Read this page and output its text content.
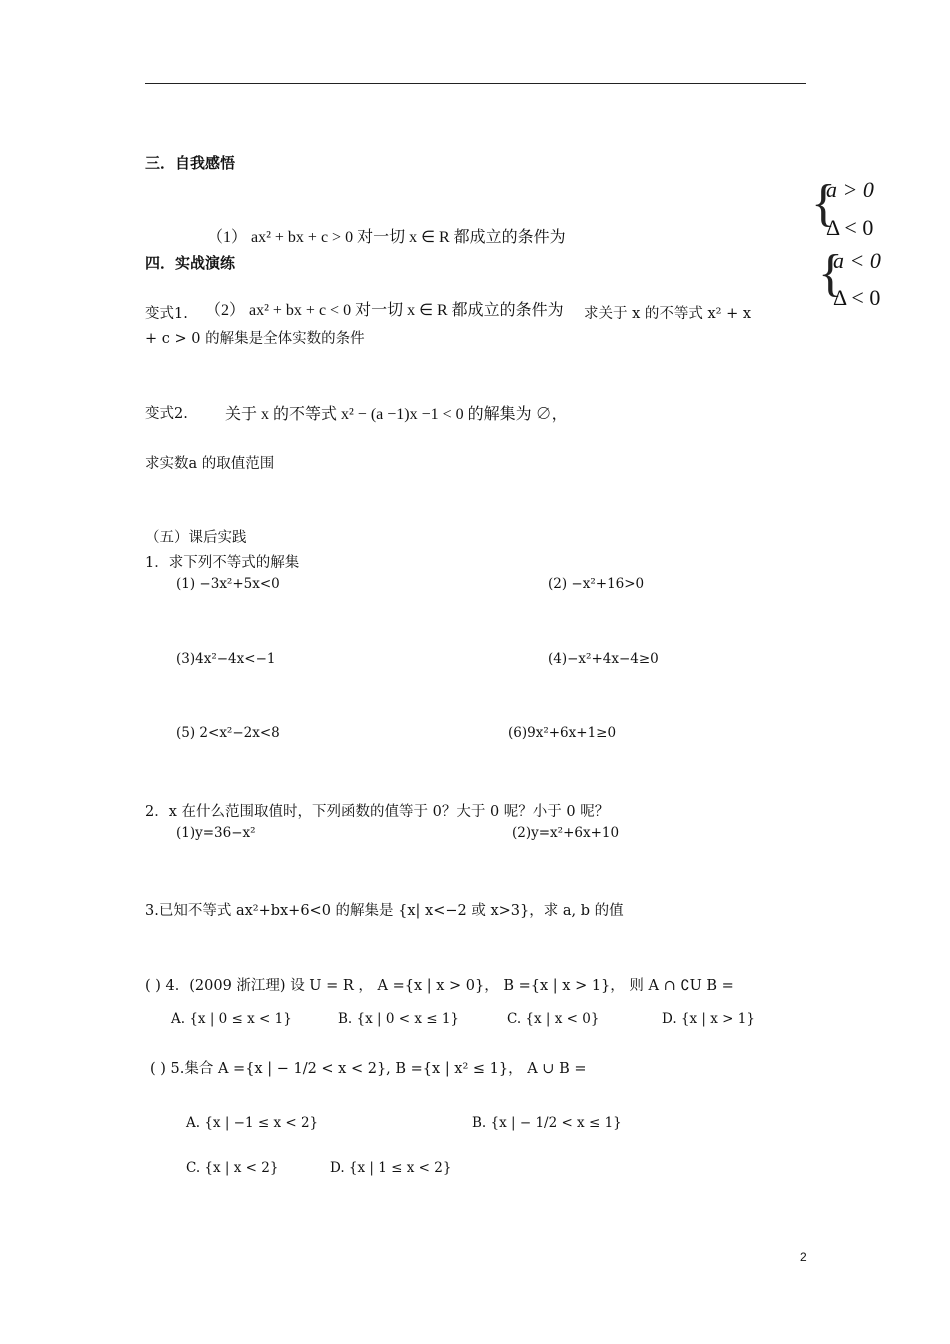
三．自我感悟
（1） ax² + bx + c > 0 对一切 x ∈ R 都成立的条件为
{
a > 0
Δ < 0
四．实战演练	{
a < 0
Δ < 0
变式1. （2） ax² + bx + c < 0 对一切 x ∈ R 都成立的条件为 求关于 x 的不等式 x² + x
+ c > 0 的解集是全体实数的条件
变式2. 关于 x 的不等式 x² − (a −1)x −1 < 0 的解集为 ∅，
求实数a 的取值范围
（五）课后实践
1．求下列不等式的解集
(1) −3x²+5x<0	(2) −x²+16>0
(3)4x²−4x<−1	(4)−x²+4x−4≥0
(5) 2<x²−2x<8	(6)9x²+6x+1≥0
2．x 在什么范围取值时，下列函数的值等于 0？大于 0 呢？小于 0 呢？
(1)y=36−x²	(2)y=x²+6x+10
3.已知不等式 ax²+bx+6<0 的解集是 {x| x<−2 或 x>3}，求 a, b 的值
( ) 4．(2009 浙江理) 设 U = R ， A ={x | x > 0}， B ={x | x > 1}， 则 A ∩ ∁U B =
A. {x | 0 ≤ x < 1}	B. {x | 0 < x ≤ 1}	C. {x | x < 0}	D. {x | x > 1}
( ) 5.集合 A ={x | − 1/2 < x < 2}, B ={x | x² ≤ 1}， A ∪ B =
A. {x | −1 ≤ x < 2}	B. {x | − 1/2 < x ≤ 1}
C. {x | x < 2}	D. {x | 1 ≤ x < 2}
2
